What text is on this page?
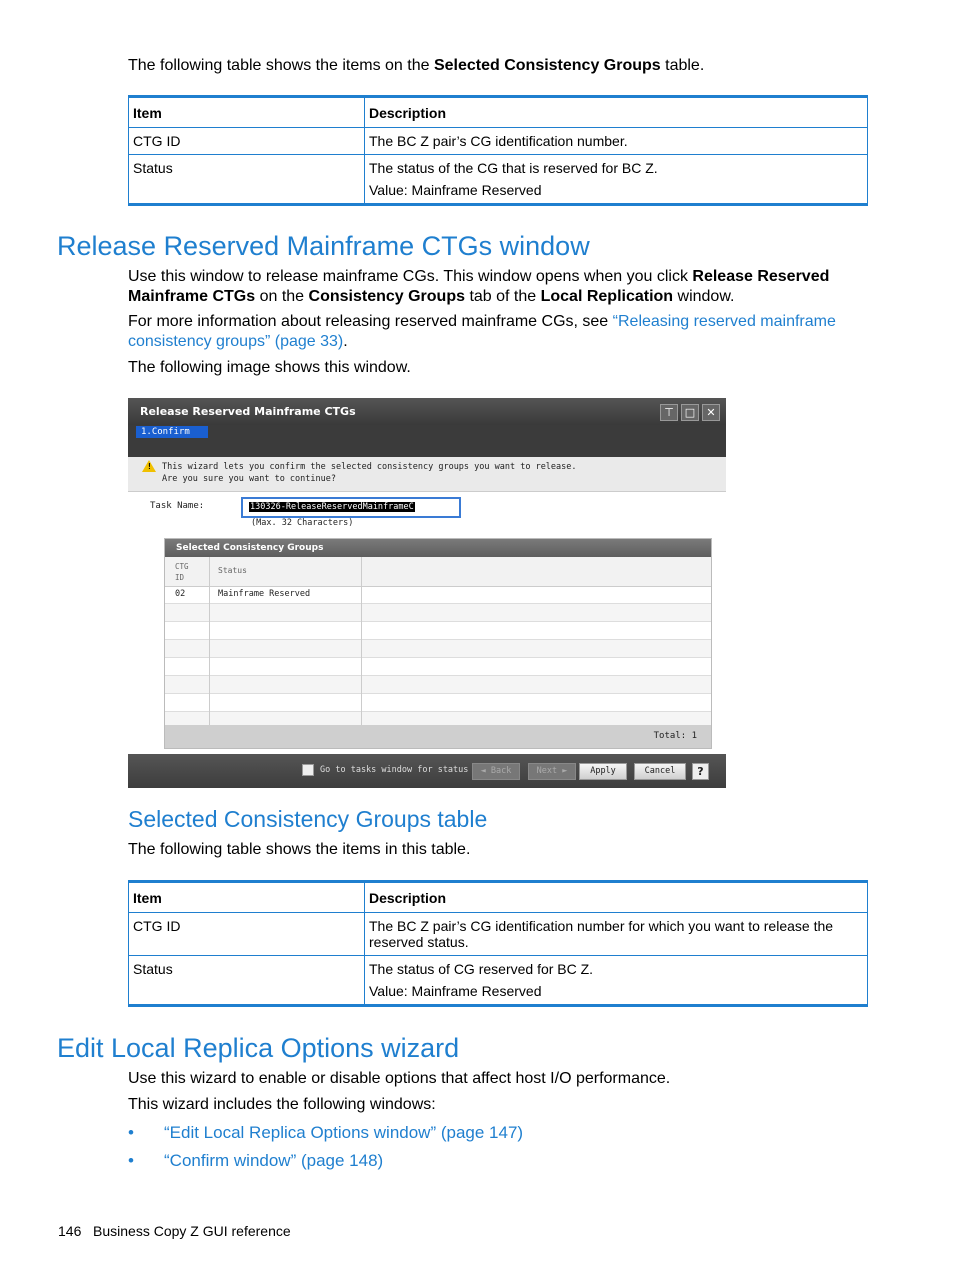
The following table shows the items on the Selected Consistency Groups table.
Item	Description
CTG ID	The BC Z pair’s CG identification number.

Status	The status of the CG that is reserved for BC Z.
Value: Mainframe Reserved
Release Reserved Mainframe CTGs window
Use this window to release mainframe CGs. This window opens when you click Release Reserved Mainframe CTGs on the Consistency Groups tab of the Local Replication window.
For more information about releasing reserved mainframe CGs, see “Releasing reserved mainframe consistency groups” (page 33).
The following image shows this window.
Release Reserved Mainframe CTGs	⊤	□	✕
1.Confirm
! This wizard lets you confirm the selected consistency groups you want to release.
Are you sure you want to continue?
Task Name:	130326-ReleaseReservedMainframeC
(Max. 32 Characters)
Selected Consistency Groups
CTG
ID
Status
02	Mainframe Reserved
Total: 1
Go to tasks window for status	◄ Back	Next ►	Apply	Cancel	?
Selected Consistency Groups table
The following table shows the items in this table.
Item	Description
CTG ID	The BC Z pair’s CG identification number for which you want to release the reserved status.

Status	The status of CG reserved for BC Z.
Value: Mainframe Reserved
Edit Local Replica Options wizard
Use this wizard to enable or disable options that affect host I/O performance.
This wizard includes the following windows:
• “Edit Local Replica Options window” (page 147)
• “Confirm window” (page 148)
146 Business Copy Z GUI reference
